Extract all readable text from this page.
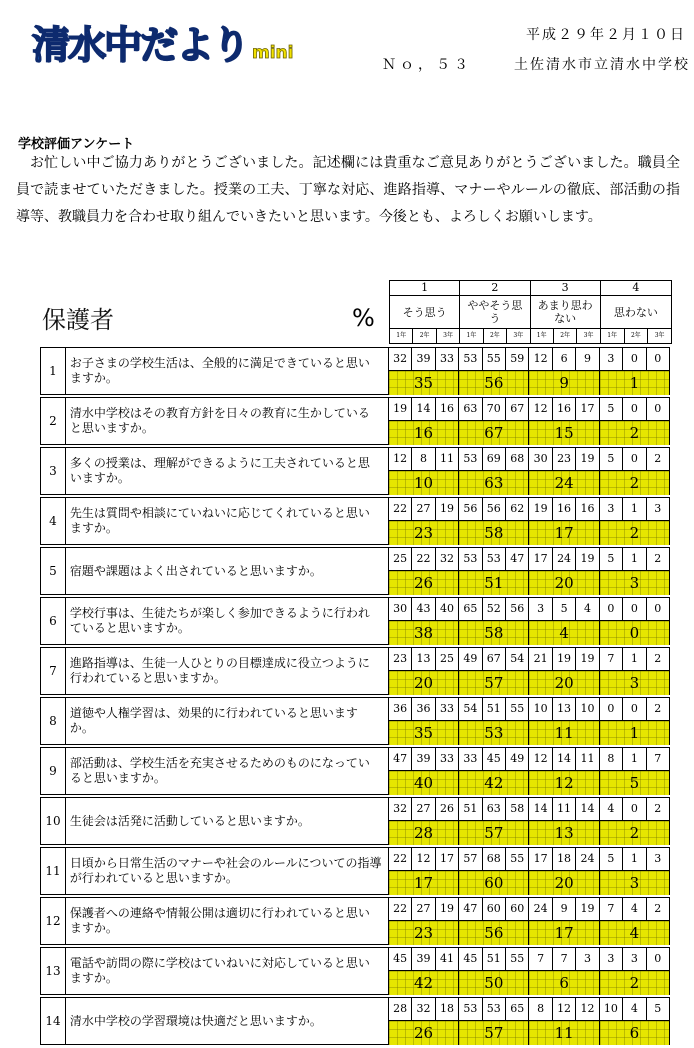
清水中だより mini
平成２９年２月１０日
Ｎｏ，５３	土佐清水市立清水中学校
学校評価アンケート
お忙しい中ご協力ありがとうございました。記述欄には貴重なご意見ありがとうございました。職員全員で読ませていただきました。授業の工夫、丁寧な対応、進路指導、マナーやルールの徹底、部活動の指導等、教職員力を合わせ取り組んでいきたいと思います。今後とも、よろしくお願いします。
保護者	%
1
そう思う
1年	2年	3年
2
ややそう思う
1年	2年	3年
3
あまり思わない
1年	2年	3年
4
思わない
1年	2年	3年
1
お子さまの学校生活は、全般的に満足できていると思いますか。
32 39 33 53 55 59 12	6	9	3	0	0
35	56	9	1
2
清水中学校はその教育方針を日々の教育に生かしていると思いますか。
19 14 16 63 70 67 12 16 17	5	0	0
16	67	15	2
3
多くの授業は、理解ができるように工夫されていると思いますか。
12	8	11 53 69 68 30 23 19	5	0	2
10	63	24	2
4
先生は質問や相談にていねいに応じてくれていると思いますか。
22 27 19 56 56 62 19 16 16	3	1	3
23	58	17	2
5	宿題や課題はよく出されていると思いますか。
25 22 32 53 53 47 17 24 19	5	1	2
26	51	20	3
6
学校行事は、生徒たちが楽しく参加できるように行われていると思いますか。
30 43 40 65 52 56	3	5	4	0	0	0
38	58	4	0
7
進路指導は、生徒一人ひとりの目標達成に役立つように行われていると思いますか。
23 13 25 49 67 54 21 19 19	7	1	2
20	57	20	3
8
道徳や人権学習は、効果的に行われていると思いますか。
36 36 33 54 51 55 10 13 10	0	0	2
35	53	11	1
9
部活動は、学校生活を充実させるためのものになっていると思いますか。
47 39 33 33 45 49 12 14 11	8	1	7
40	42	12	5
10 生徒会は活発に活動していると思いますか。
32 27 26 51 63 58 14 11 14	4	0	2
28	57	13	2
11
日頃から日常生活のマナーや社会のルールについての指導が行われていると思いますか。
22 12 17 57 68 55 17 18 24	5	1	3
17	60	20	3
12
保護者への連絡や情報公開は適切に行われていると思いますか。
22 27 19 47 60 60 24	9	19	7	4	2
23	56	17	4
13
電話や訪問の際に学校はていねいに対応していると思いますか。
45 39 41 45 51 55	7	7	3	3	3	0
42	50	6	2
14 清水中学校の学習環境は快適だと思いますか。
28 32 18 53 53 65	8	12 12 10	4	5
26	57	11	6
